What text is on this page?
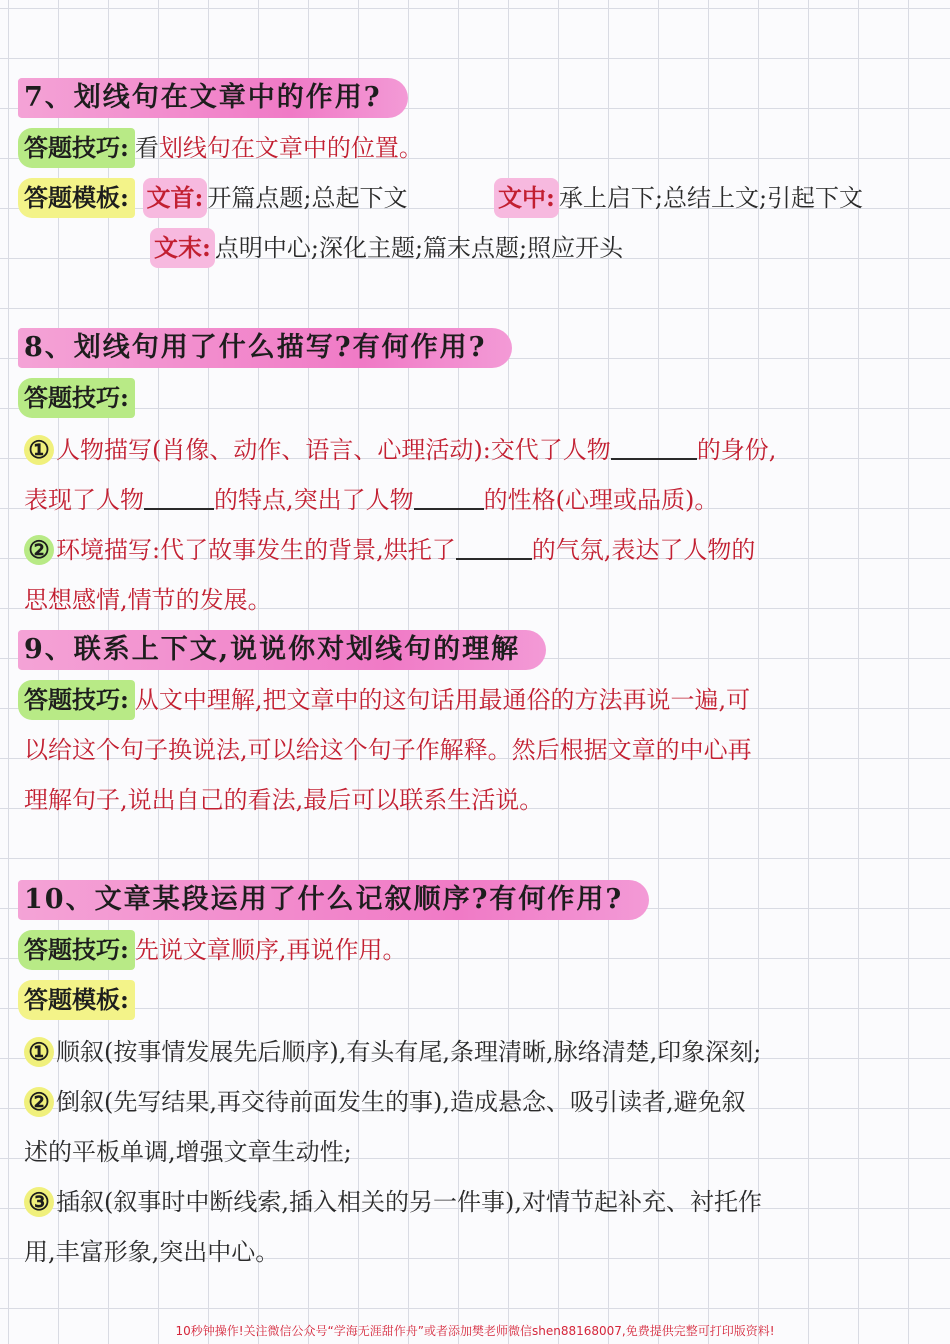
7、划线句在文章中的作用?
答题技巧: 看划线句在文章中的位置。
答题模板: 文首: 开篇点题;总起下文	文中: 承上启下;总结上文;引起下文
文末: 点明中心;深化主题;篇末点题;照应开头
8、划线句用了什么描写?有何作用?
答题技巧:
① 人物描写(肖像、动作、语言、心理活动):交代了人物	的身份,
表现了人物	的特点,突出了人物	的性格(心理或品质)。
② 环境描写:代了故事发生的背景,烘托了	的气氛,表达了人物的
思想感情,情节的发展。
9、联系上下文,说说你对划线句的理解
答题技巧: 从文中理解,把文章中的这句话用最通俗的方法再说一遍,可
以给这个句子换说法,可以给这个句子作解释。然后根据文章的中心再
理解句子,说出自己的看法,最后可以联系生活说。
10、文章某段运用了什么记叙顺序?有何作用?
答题技巧: 先说文章顺序,再说作用。
答题模板:
① 顺叙(按事情发展先后顺序),有头有尾,条理清晰,脉络清楚,印象深刻;
② 倒叙(先写结果,再交待前面发生的事),造成悬念、吸引读者,避免叙
述的平板单调,增强文章生动性;
③ 插叙(叙事时中断线索,插入相关的另一件事),对情节起补充、衬托作
用,丰富形象,突出中心。
10秒钟操作!关注微信公众号“学海无涯甜作舟”或者添加樊老师微信shen88168007,免费提供完整可打印版资料!
